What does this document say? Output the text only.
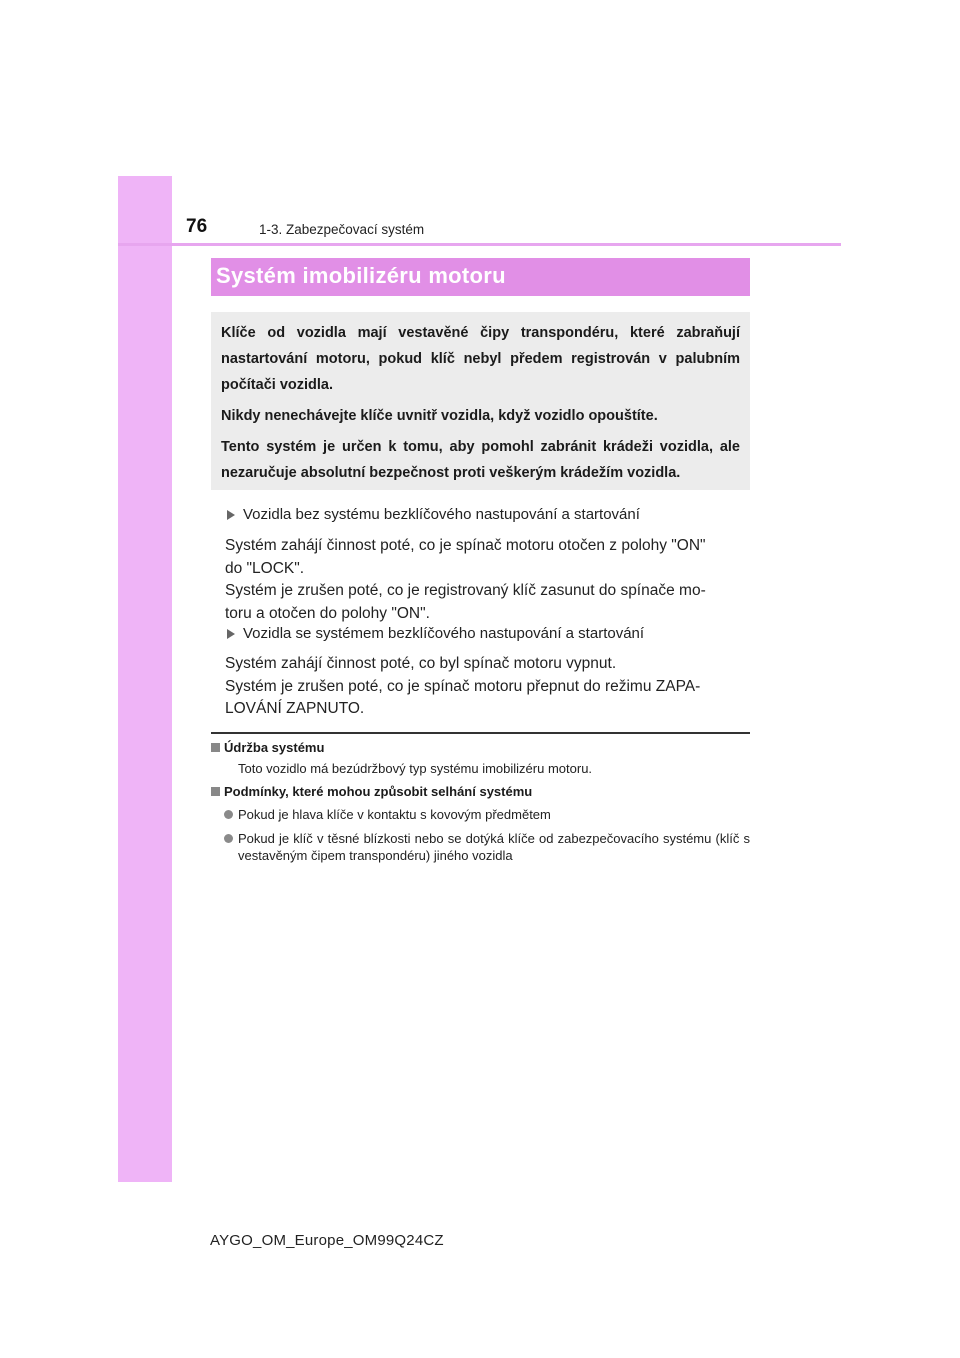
76	1-3. Zabezpečovací systém
Systém imobilizéru motoru

Klíče od vozidla mají vestavěné čipy transpondéru, které zabraňují nastartování motoru, pokud klíč nebyl předem registrován v palubním počítači vozidla.

Nikdy nenechávejte klíče uvnitř vozidla, když vozidlo opouštíte.

Tento systém je určen k tomu, aby pomohl zabránit krádeži vozidla, ale nezaručuje absolutní bezpečnost proti veškerým krádežím vozidla.

Vozidla bez systému bezklíčového nastupování a startování
Systém zahájí činnost poté, co je spínač motoru otočen z polohy "ON"
do "LOCK".
Systém je zrušen poté, co je registrovaný klíč zasunut do spínače mo-
toru a otočen do polohy "ON".
Vozidla se systémem bezklíčového nastupování a startování
Systém zahájí činnost poté, co byl spínač motoru vypnut.
Systém je zrušen poté, co je spínač motoru přepnut do režimu ZAPA-
LOVÁNÍ ZAPNUTO.
Údržba systému
Toto vozidlo má bezúdržbový typ systému imobilizéru motoru.
Podmínky, které mohou způsobit selhání systému
Pokud je hlava klíče v kontaktu s kovovým předmětem
Pokud je klíč v těsné blízkosti nebo se dotýká klíče od zabezpečovacího systému (klíč s vestavěným čipem transpondéru) jiného vozidla
AYGO_OM_Europe_OM99Q24CZ
